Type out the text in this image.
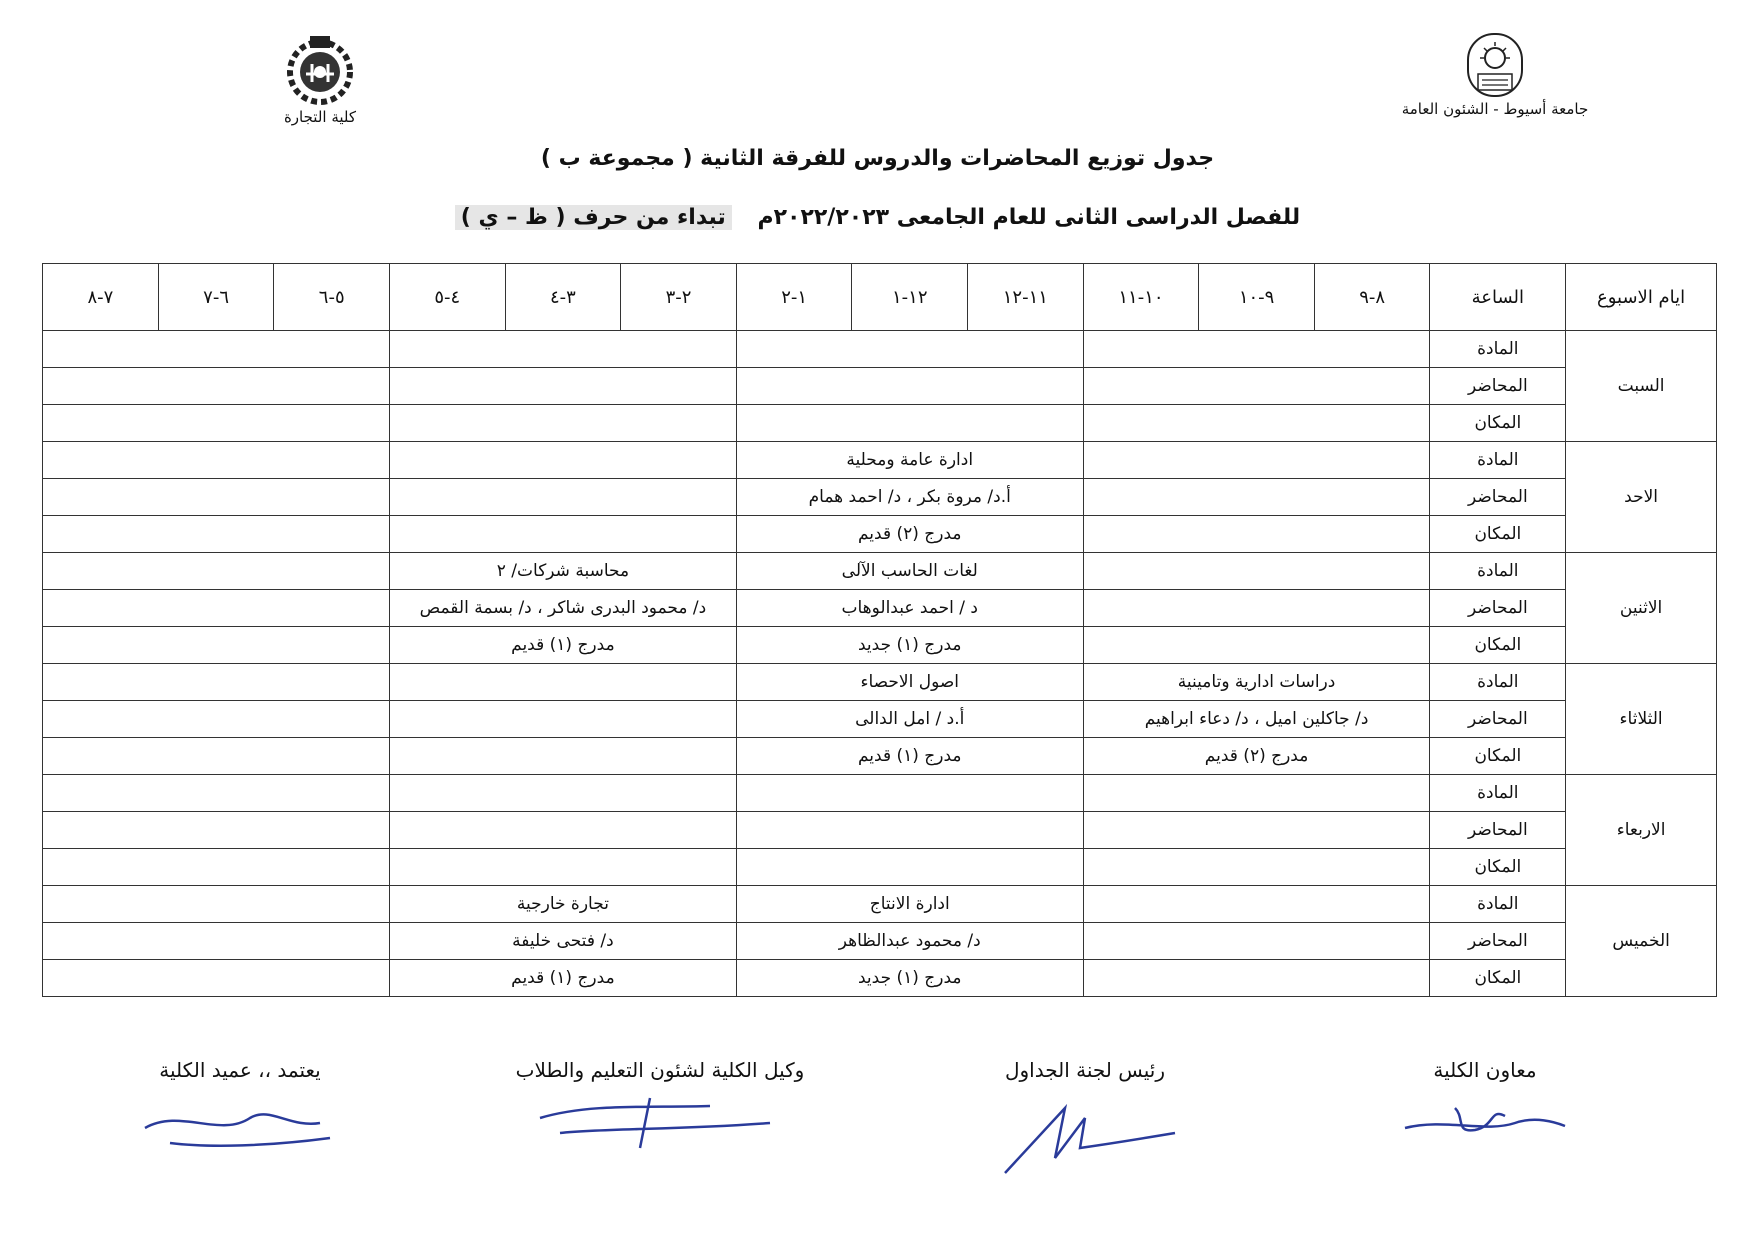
جامعة أسيوط - الشئون العامة
كلية التجارة
جدول توزيع المحاضرات والدروس للفرقة الثانية ( مجموعة ب )
للفصل الدراسى الثانى للعام الجامعى ٢٠٢٢/٢٠٢٣م تبداء من حرف ( ظ – ي )
ايام الاسبوع	الساعة	٨-٩	٩-١٠	١٠-١١	١١-١٢	١٢-١	١-٢	٢-٣	٣-٤	٤-٥	٥-٦	٦-٧	٧-٨
السبت	المادة												
	المحاضر												
	المكان												
الاحد	المادة				ادارة عامة ومحلية								
	المحاضر				أ.د/ مروة بكر ، د/ احمد همام								
	المكان				مدرج (٢) قديم								
الاثنين	المادة				لغات الحاسب الآلى			محاسبة شركات/ ٢					
	المحاضر				د / احمد عبدالوهاب			د/ محمود البدرى شاكر ، د/ بسمة القمص					
	المكان				مدرج (١) جديد			مدرج (١) قديم					
الثلاثاء	المادة	دراسات ادارية وتامينية			اصول الاحصاء								
	المحاضر	د/ جاكلين اميل ، د/ دعاء ابراهيم			أ.د / امل الدالى								
	المكان	مدرج (٢) قديم			مدرج (١) قديم								
الاربعاء	المادة												
	المحاضر												
	المكان												
الخميس	المادة				ادارة الانتاج			تجارة خارجية					
	المحاضر				د/ محمود عبدالظاهر			د/ فتحى خليفة					
	المكان				مدرج (١) جديد			مدرج (١) قديم					
معاون الكلية
رئيس لجنة الجداول
وكيل الكلية لشئون التعليم والطلاب
يعتمد ،، عميد الكلية
